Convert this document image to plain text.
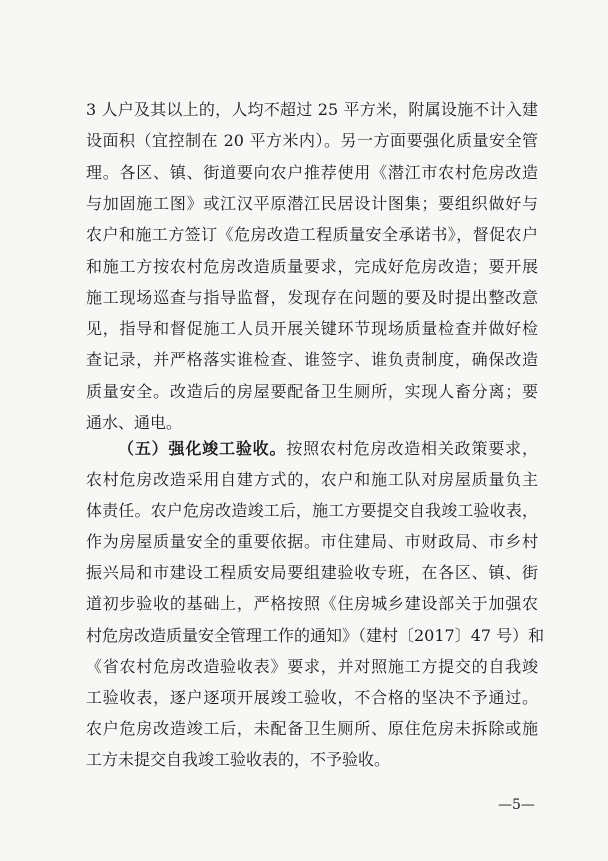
3 人户及其以上的，人均不超过 25 平方米，附属设施不计入建
设面积（宜控制在 20 平方米内）。另一方面要强化质量安全管
理。各区、镇、街道要向农户推荐使用《潜江市农村危房改造
与加固施工图》或江汉平原潜江民居设计图集；要组织做好与
农户和施工方签订《危房改造工程质量安全承诺书》，督促农户
和施工方按农村危房改造质量要求，完成好危房改造；要开展
施工现场巡查与指导监督，发现存在问题的要及时提出整改意
见，指导和督促施工人员开展关键环节现场质量检查并做好检
查记录，并严格落实谁检查、谁签字、谁负责制度，确保改造
质量安全。改造后的房屋要配备卫生厕所，实现人畜分离；要
通水、通电。
（五）强化竣工验收。按照农村危房改造相关政策要求，
农村危房改造采用自建方式的，农户和施工队对房屋质量负主
体责任。农户危房改造竣工后，施工方要提交自我竣工验收表，
作为房屋质量安全的重要依据。市住建局、市财政局、市乡村
振兴局和市建设工程质安局要组建验收专班，在各区、镇、街
道初步验收的基础上，严格按照《住房城乡建设部关于加强农
村危房改造质量安全管理工作的通知》（建村〔2017〕47 号）和
《省农村危房改造验收表》要求，并对照施工方提交的自我竣
工验收表，逐户逐项开展竣工验收，不合格的坚决不予通过。
农户危房改造竣工后，未配备卫生厕所、原住危房未拆除或施
工方未提交自我竣工验收表的，不予验收。
—5—
